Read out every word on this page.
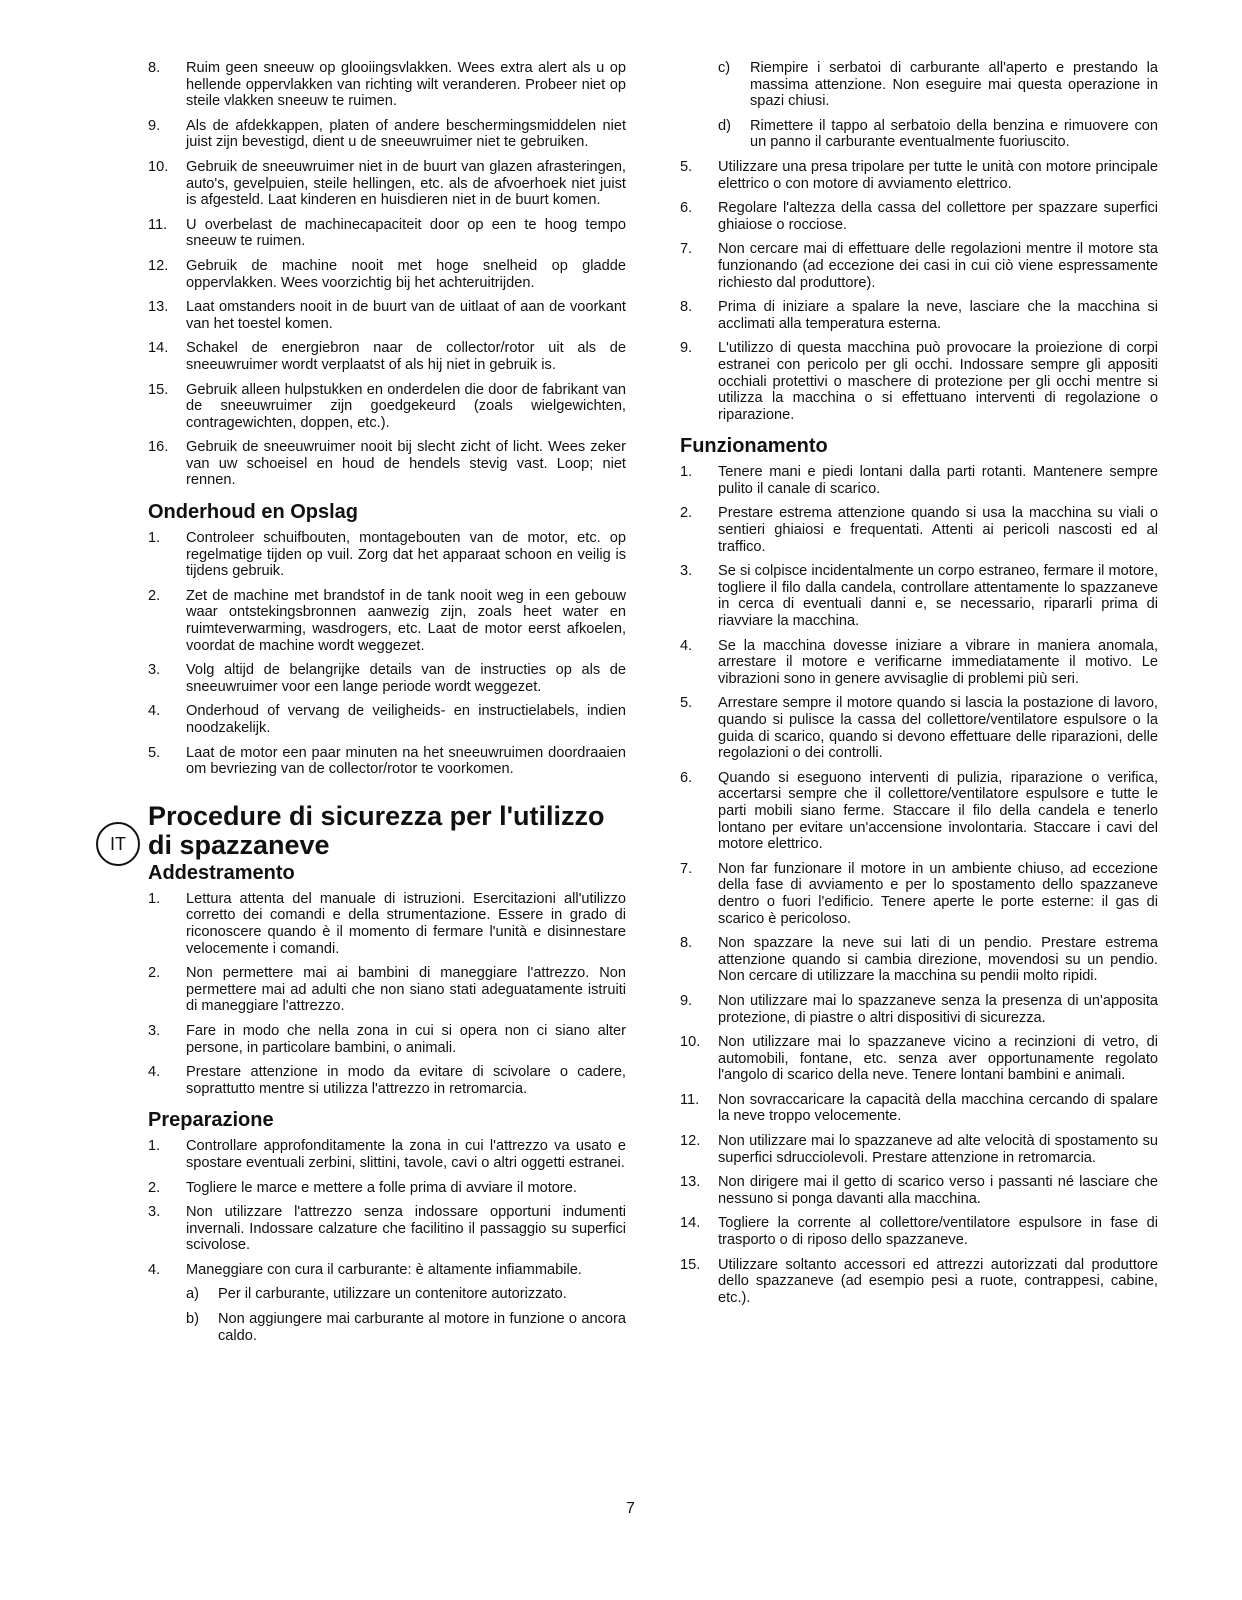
8.	Ruim geen sneeuw op glooiingsvlakken. Wees extra alert als u op hellende oppervlakken van richting wilt veranderen. Probeer niet op steile vlakken sneeuw te ruimen.
9.	Als de afdekkappen, platen of andere beschermingsmiddelen niet juist zijn bevestigd, dient u de sneeuwruimer niet te gebruiken.
10.	Gebruik de sneeuwruimer niet in de buurt van glazen afrasteringen, auto's, gevelpuien, steile hellingen, etc. als de afvoerhoek niet juist is afgesteld. Laat kinderen en huisdieren niet in de buurt komen.
11.	U overbelast de machinecapaciteit door op een te hoog tempo sneeuw te ruimen.
12.	Gebruik de machine nooit met hoge snelheid op gladde oppervlakken. Wees voorzichtig bij het achteruitrijden.
13.	Laat omstanders nooit in de buurt van de uitlaat of aan de voorkant van het toestel komen.
14.	Schakel de energiebron naar de collector/rotor uit als de sneeuwruimer wordt verplaatst of als hij niet in gebruik is.
15.	Gebruik alleen hulpstukken en onderdelen die door de fabrikant van de sneeuwruimer zijn goedgekeurd (zoals wielgewichten, contragewichten, doppen, etc.).
16.	Gebruik de sneeuwruimer nooit bij slecht zicht of licht. Wees zeker van uw schoeisel en houd de hendels stevig vast. Loop; niet rennen.
Onderhoud en Opslag
1.	Controleer schuifbouten, montagebouten van de motor, etc. op regelmatige tijden op vuil. Zorg dat het apparaat schoon en veilig is tijdens gebruik.
2.	Zet de machine met brandstof in de tank nooit weg in een gebouw waar ontstekingsbronnen aanwezig zijn, zoals heet water en ruimteverwarming, wasdrogers, etc. Laat de motor eerst afkoelen, voordat de machine wordt weggezet.
3.	Volg altijd de belangrijke details van de instructies op als de sneeuwruimer voor een lange periode wordt weggezet.
4.	Onderhoud of vervang de veiligheids- en instructielabels, indien noodzakelijk.
5.	Laat de motor een paar minuten na het sneeuwruimen doordraaien om bevriezing van de collector/rotor te voorkomen.
IT
Procedure di sicurezza per l'utilizzo di spazzaneve
Addestramento
1.	Lettura attenta del manuale di istruzioni. Esercitazioni all'utilizzo corretto dei comandi e della strumentazione. Essere in grado di riconoscere quando è il momento di fermare l'unità e disinnestare velocemente i comandi.
2.	Non permettere mai ai bambini di maneggiare l'attrezzo. Non permettere mai ad adulti che non siano stati adeguatamente istruiti di maneggiare l'attrezzo.
3.	Fare in modo che nella zona in cui si opera non ci siano alter persone, in particolare bambini, o animali.
4.	Prestare attenzione in modo da evitare di scivolare o cadere, soprattutto mentre si utilizza l'attrezzo in retromarcia.
Preparazione
1.	Controllare approfonditamente la zona in cui l'attrezzo va usato e spostare eventuali zerbini, slittini, tavole, cavi o altri oggetti estranei.
2.	Togliere le marce e mettere a folle prima di avviare il motore.
3.	Non utilizzare l'attrezzo senza indossare opportuni indumenti invernali. Indossare calzature che facilitino il passaggio su superfici scivolose.
4.	Maneggiare con cura il carburante: è altamente infiammabile.
a) Per il carburante, utilizzare un contenitore autorizzato.
b) Non aggiungere mai carburante al motore in funzione o ancora caldo.
c) Riempire i serbatoi di carburante all'aperto e prestando la massima attenzione. Non eseguire mai questa operazione in spazi chiusi.
d) Rimettere il tappo al serbatoio della benzina e rimuovere con un panno il carburante eventualmente fuoriuscito.
5.	Utilizzare una presa tripolare per tutte le unità con motore principale elettrico o con motore di avviamento elettrico.
6.	Regolare l'altezza della cassa del collettore per spazzare superfici ghiaiose o rocciose.
7.	Non cercare mai di effettuare delle regolazioni mentre il motore sta funzionando (ad eccezione dei casi in cui ciò viene espressamente richiesto dal produttore).
8.	Prima di iniziare a spalare la neve, lasciare che la macchina si acclimati alla temperatura esterna.
9.	L'utilizzo di questa macchina può provocare la proiezione di corpi estranei con pericolo per gli occhi. Indossare sempre gli appositi occhiali protettivi o maschere di protezione per gli occhi mentre si utilizza la macchina o si effettuano interventi di regolazione o riparazione.
Funzionamento
1.	Tenere mani e piedi lontani dalla parti rotanti. Mantenere sempre pulito il canale di scarico.
2.	Prestare estrema attenzione quando si usa la macchina su viali o sentieri ghiaiosi e frequentati. Attenti ai pericoli nascosti ed al traffico.
3.	Se si colpisce incidentalmente un corpo estraneo, fermare il motore, togliere il filo dalla candela, controllare attentamente lo spazzaneve in cerca di eventuali danni e, se necessario, ripararli prima di riavviare la macchina.
4.	Se la macchina dovesse iniziare a vibrare in maniera anomala, arrestare il motore e verificarne immediatamente il motivo. Le vibrazioni sono in genere avvisaglie di problemi più seri.
5.	Arrestare sempre il motore quando si lascia la postazione di lavoro, quando si pulisce la cassa del collettore/ventilatore espulsore o la guida di scarico, quando si devono effettuare delle riparazioni, delle regolazioni o dei controlli.
6.	Quando si eseguono interventi di pulizia, riparazione o verifica, accertarsi sempre che il collettore/ventilatore espulsore e tutte le parti mobili siano ferme. Staccare il filo della candela e tenerlo lontano per evitare un'accensione involontaria. Staccare i cavi del motore elettrico.
7.	Non far funzionare il motore in un ambiente chiuso, ad eccezione della fase di avviamento e per lo spostamento dello spazzaneve dentro o fuori l'edificio. Tenere aperte le porte esterne: il gas di scarico è pericoloso.
8.	Non spazzare la neve sui lati di un pendio. Prestare estrema attenzione quando si cambia direzione, movendosi su un pendio. Non cercare di utilizzare la macchina su pendii molto ripidi.
9.	Non utilizzare mai lo spazzaneve senza la presenza di un'apposita protezione, di piastre o altri dispositivi di sicurezza.
10.	Non utilizzare mai lo spazzaneve vicino a recinzioni di vetro, di automobili, fontane, etc. senza aver opportunamente regolato l'angolo di scarico della neve. Tenere lontani bambini e animali.
11.	Non sovraccaricare la capacità della macchina cercando di spalare la neve troppo velocemente.
12.	Non utilizzare mai lo spazzaneve ad alte velocità di spostamento su superfici sdrucciolevoli. Prestare attenzione in retromarcia.
13.	Non dirigere mai il getto di scarico verso i passanti né lasciare che nessuno si ponga davanti alla macchina.
14.	Togliere la corrente al collettore/ventilatore espulsore in fase di trasporto o di riposo dello spazzaneve.
15.	Utilizzare soltanto accessori ed attrezzi autorizzati dal produttore dello spazzaneve (ad esempio pesi a ruote, contrappesi, cabine, etc.).
7
